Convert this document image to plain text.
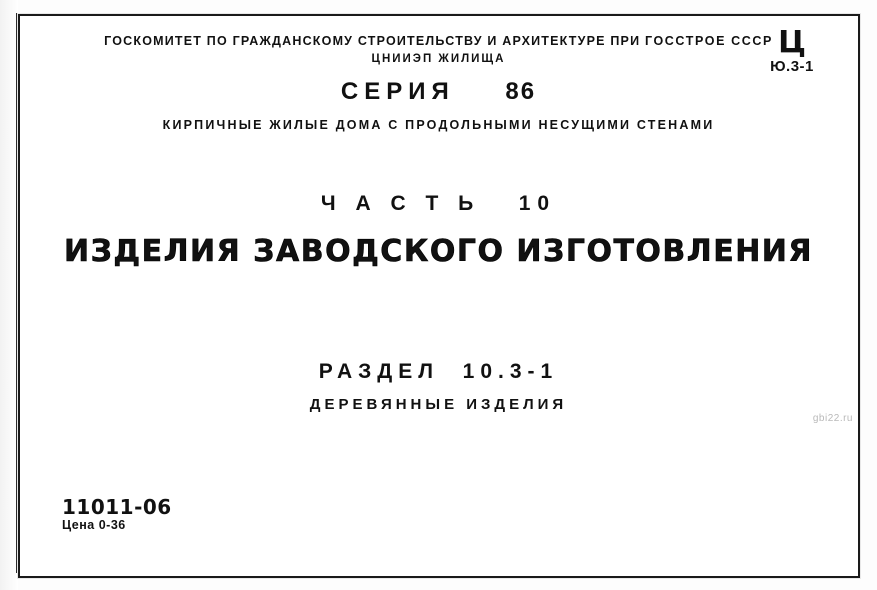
ГОСКОМИТЕТ ПО ГРАЖДАНСКОМУ СТРОИТЕЛЬСТВУ И АРХИТЕКТУРЕ ПРИ ГОССТРОЕ СССР
ЦНИИЭП ЖИЛИЩА
СЕРИЯ 86
КИРПИЧНЫЕ ЖИЛЫЕ ДОМА С ПРОДОЛЬНЫМИ НЕСУЩИМИ СТЕНАМИ
Ч А С Т Ь 10
ИЗДЕЛИЯ ЗАВОДСКОГО ИЗГОТОВЛЕНИЯ
РАЗДЕЛ 10.3-1
ДЕРЕВЯННЫЕ ИЗДЕЛИЯ
Ц
Ю.3-1
11011-06
Цена 0-36
gbi22.ru
